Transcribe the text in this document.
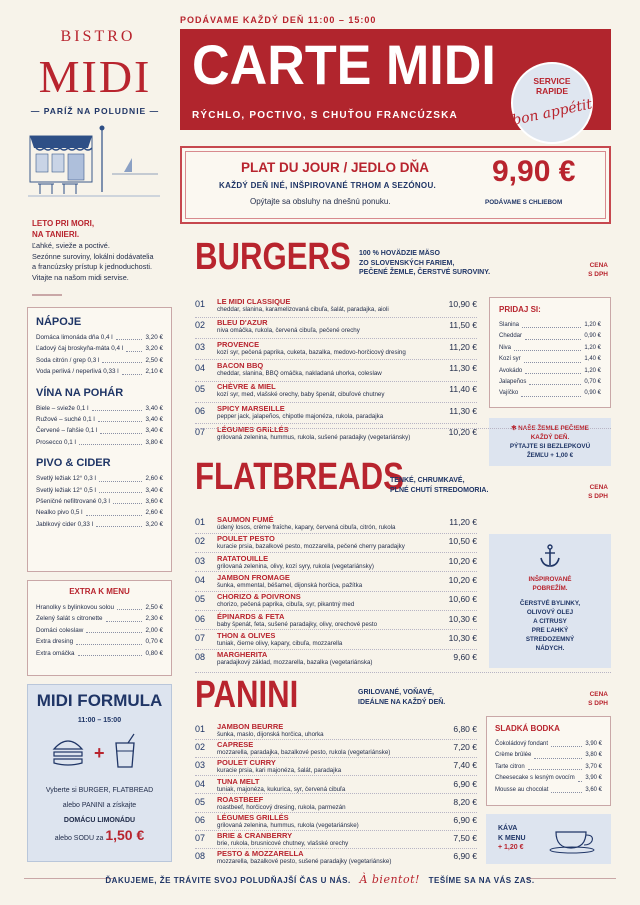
BISTRO
MIDI
— PARÍŽ NA POLUDNIE —
LETO PRI MORI,
NA TANIERI.
Ľahké, svieže a poctivé.
Sezónne suroviny, lokálni dodávatelia
a francúzsky prístup k jednoduchosti.
Vitajte na našom midi servise.
NÁPOJE
Domáca limonáda dňa 0,4 l	3,20 €
Ľadový čaj broskyňa-máta 0,4 l	3,20 €
Soda citrón / grep 0,3 l	2,50 €
Voda perlivá / neperlivá 0,33 l	2,10 €
VÍNA NA POHÁR
Biele – svieže 0,1 l	3,40 €
Ružové – suché 0,1 l	3,40 €
Červené – ľahšie 0,1 l	3,40 €
Prosecco 0,1 l	3,80 €
PIVO & CIDER
Svetlý ležiak 12° 0,3 l	2,60 €
Svetlý ležiak 12° 0,5 l	3,40 €
Pšeničné nefiltrované 0,3 l	3,60 €
Nealko pivo 0,5 l	2,60 €
Jablkový cider 0,33 l	3,20 €
EXTRA K MENU
Hranolky s bylinkovou solou	2,50 €
Zelený šalát s citronette	2,30 €
Domáci coleslaw	2,00 €
Extra dresing	0,70 €
Extra omáčka	0,80 €
MIDI FORMULA
11:00 – 15:00
+
Vyberte si BURGER, FLATBREAD
alebo PANINI a získajte
DOMÁCU LIMONÁDU
alebo SODU za 1,50 €
PODÁVAME KAŽDÝ DEŇ 11:00 – 15:00
CARTE MIDI
RÝCHLO, POCTIVO, S CHUŤOU FRANCÚZSKA
SERVICE
RAPIDE
bon appétit!
PLAT DU JOUR / JEDLO DŇA
KAŽDÝ DEŇ INÉ, INŠPIROVANÉ TRHOM A SEZÓNOU.
Opýtajte sa obsluhy na dnešnú ponuku.
9,90 €
PODÁVAME S CHLIEBOM
BURGERS 100 % HOVÄDZIE MÄSO
ZO SLOVENSKÝCH FARIEM,
PEČENÉ ŽEMLE, ČERSTVÉ SUROVINY.
CENA
S DPH
01 LE MIDI CLASSIQUE
cheddar, slanina, karamelizovaná cibuľa, šalát, paradajka, aioli
10,90 €
02 BLEU D'AZUR
niva omáčka, rukola, červená cibuľa, pečené orechy
11,50 €
03 PROVENCE
kozí syr, pečená paprika, cuketa, bazalka, medovo-horčicový dresing
11,20 €
04 BACON BBQ
cheddar, slanina, BBQ omáčka, nakladaná uhorka, coleslaw
11,30 €
05 CHÈVRE & MIEL
kozí syr, med, vlašské orechy, baby špenát, cibuľové chutney
11,40 €
06 SPICY MARSEILLE
pepper jack, jalapeños, chipotle majonéza, rukola, paradajka
11,30 €
07 LÉGUMES GRILLÉS
grilovaná zelenina, hummus, rukola, sušené paradajky (vegetariánsky)
10,20 €
PRIDAJ SI:
Slanina	1,20 €
Cheddar	0,90 €
Niva	1,20 €
Kozí syr	1,40 €
Avokádo	1,20 €
Jalapeños	0,70 €
Vajíčko	0,90 €
✱ NAŠE ŽEMLE PEČIEME
KAŽDÝ DEŇ.
PÝTAJTE SI BEZLEPKOVÚ
ŽEMĽU + 1,00 €
FLATBREADS
TENKÉ, CHRUMKAVÉ,
PLNÉ CHUTÍ STREDOMORIA.	CENA
S DPH
01 SAUMON FUMÉ
údený losos, crème fraîche, kapary, červená cibuľa, citrón, rukola
11,20 €
02 POULET PESTO
kuracie prsia, bazalkové pesto, mozzarella, pečené cherry paradajky
10,50 €
03 RATATOUILLE
grilovaná zelenina, olivy, kozí syry, rukola (vegetariánsky)
10,20 €
04 JAMBON FROMAGE
šunka, emmental, béšamel, dijonská horčica, pažítka
10,20 €
05 CHORIZO & POIVRONS
chorizo, pečená paprika, cibuľa, syr, pikantný med
10,60 €
06 ÉPINARDS & FETA
baby špenát, feta, sušené paradajky, olivy, orechové pesto
10,30 €
07 THON & OLIVES
tuniak, čierne olivy, kapary, cibuľa, mozzarella
10,30 €
08 MARGHERITA
paradajkový základ, mozzarella, bazalka (vegetariánska)
9,60 €
INŠPIROVANÉ
POBREŽÍM.
ČERSTVÉ BYLINKY,
OLIVOVÝ OLEJ
A CITRUSY
PRE ĽAHKÝ
STREDOZEMNÝ
NÁDYCH.
PANINI	GRILOVANÉ, VOŇAVÉ,
IDEÁLNE NA KAŽDÝ DEŇ.
CENA
S DPH
01 JAMBON BEURRE
šunka, maslo, dijonská horčica, uhorka
6,80 €
02 CAPRESE
mozzarella, paradajka, bazalkové pesto, rukola (vegetariánske)
7,20 €
03 POULET CURRY
kuracie prsia, kari majonéza, šalát, paradajka
7,40 €
04 TUNA MELT
tuniak, majonéza, kukurica, syr, červená cibuľa
6,90 €
05 ROASTBEEF
roastbeef, horčicový dresing, rukola, parmezán
8,20 €
06 LÉGUMES GRILLÉS
grilovaná zelenina, hummus, rukola (vegetariánske)
6,90 €
07 BRIE & CRANBERRY
brie, rukola, brusnicové chutney, vlašské orechy
7,50 €
08 PESTO & MOZZARELLA
mozzarella, bazalkové pesto, sušené paradajky (vegetariánske)
6,90 €
SLADKÁ BODKA
Čokoládový fondant	3,90 €
Crème brûlée	3,80 €
Tarte citron	3,70 €
Cheesecake s lesným ovocím 3,90 €
Mousse au chocolat	3,60 €
KÁVA
K MENU
+ 1,20 €
ĎAKUJEME, ŽE TRÁVITE SVOJ POLUDŇAJŠÍ ČAS U NÁS. À bientot! TEŠÍME SA NA VÁS ZAS.
